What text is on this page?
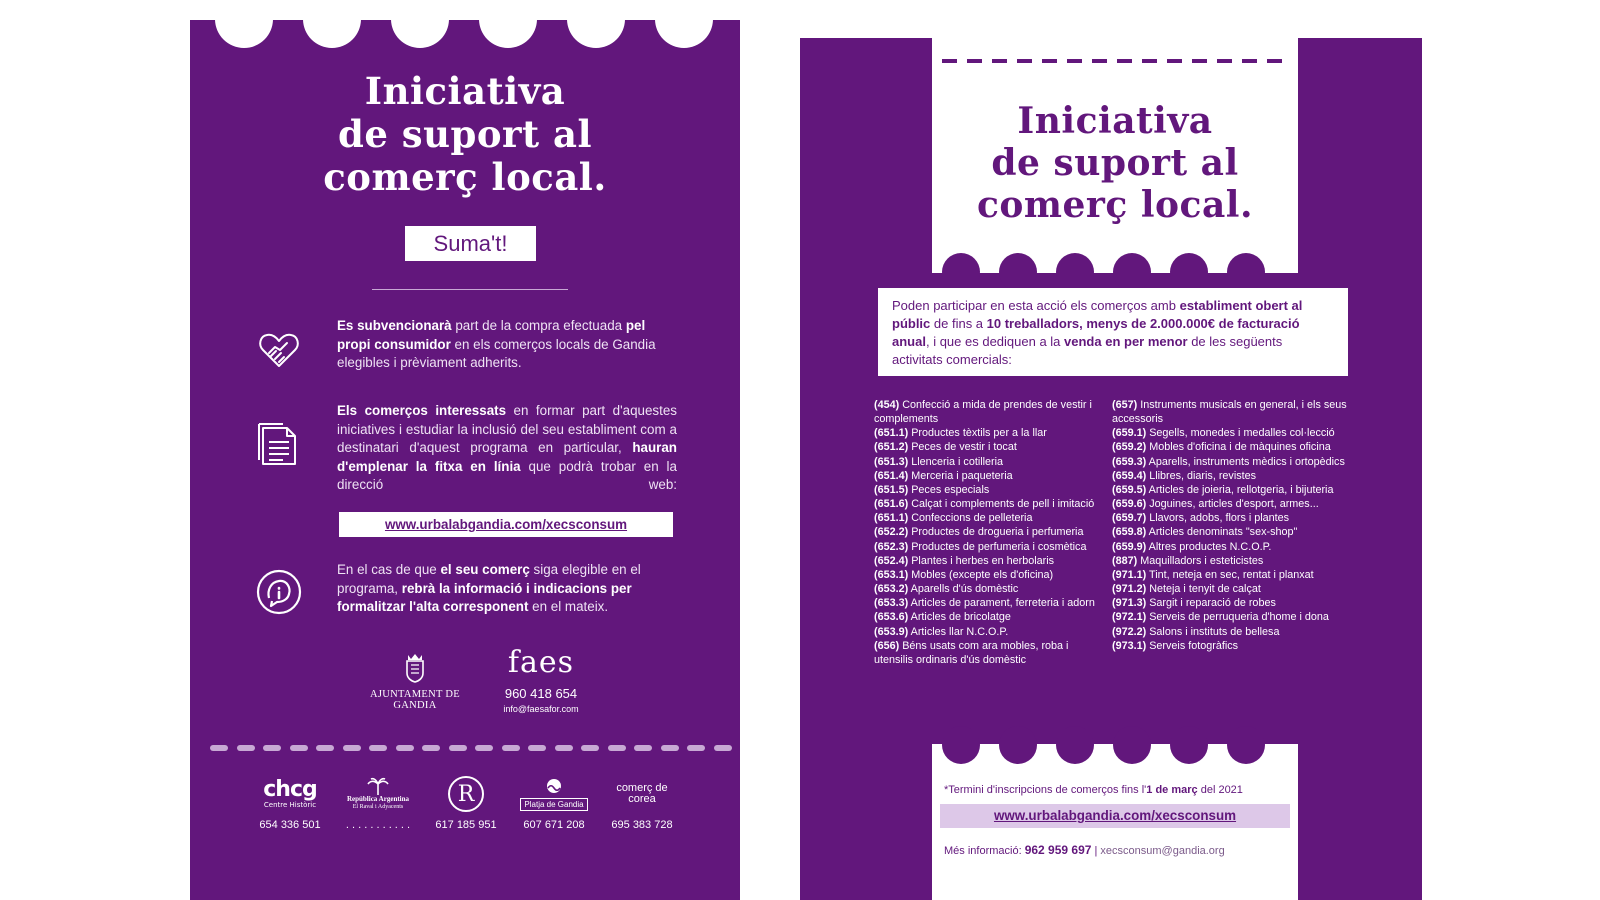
Iniciativa
de suport al
comerç local.
Suma't!

Es subvencionarà part de la compra efectuada pel propi consumidor en els comerços locals de Gandia elegibles i prèviament adherits.

Els comerços interessats en formar part d'aquestes iniciatives i estudiar la inclusió del seu establiment com a destinatari d'aquest programa en particular, hauran d'emplenar la fitxa en línia que podrà trobar en la direcció web:

www.urbalabgandia.com/xecsconsum

En el cas de que el seu comerç siga elegible en el programa, rebrà la informació i indicacions per formalitzar l'alta corresponent en el mateix.

AJUNTAMENT DE GANDIA
faes
960 418 654
info@faesafor.com
chcg
Centre Històric
654 336 501
República Argentina
El Raval i Adyacents
. . . . . . . . . . .
R
617 185 951
Platja de Gandia
607 671 208
comerç de corea
695 383 728
Iniciativa
de suport al
comerç local.
Poden participar en esta acció els comerços amb establiment obert al públic de fins a 10 treballadors, menys de 2.000.000€ de facturació anual, i que es dediquen a la venda en per menor de les següents activitats comercials:
(454) Confecció a mida de prendes de vestir i complements
(651.1) Productes tèxtils per a la llar
(651.2) Peces de vestir i tocat
(651.3) Llenceria i cotilleria
(651.4) Merceria i paqueteria
(651.5) Peces especials
(651.6) Calçat i complements de pell i imitació
(651.1) Confeccions de pelleteria
(652.2) Productes de drogueria i perfumeria
(652.3) Productes de perfumeria i cosmètica
(652.4) Plantes i herbes en herbolaris
(653.1) Mobles (excepte els d'oficina)
(653.2) Aparells d'ús domèstic
(653.3) Articles de parament, ferreteria i adorn
(653.6) Articles de bricolatge
(653.9) Articles llar N.C.O.P.
(656) Béns usats com ara mobles, roba i utensilis ordinaris d'ús domèstic
(657) Instruments musicals en general, i els seus accessoris
(659.1) Segells, monedes i medalles col·lecció
(659.2) Mobles d'oficina i de màquines oficina
(659.3) Aparells, instruments mèdics i ortopèdics
(659.4) Llibres, diaris, revistes
(659.5) Articles de joieria, rellotgeria, i bijuteria
(659.6) Joguines, articles d'esport, armes...
(659.7) Llavors, adobs, flors i plantes
(659.8) Articles denominats "sex-shop"
(659.9) Altres productes N.C.O.P.
(887) Maquilladors i esteticistes
(971.1) Tint, neteja en sec, rentat i planxat
(971.2) Neteja i tenyit de calçat
(971.3) Sargit i reparació de robes
(972.1) Serveis de perruqueria d'home i dona
(972.2) Salons i instituts de bellesa
(973.1) Serveis fotogràfics
*Termini d'inscripcions de comerços fins l'1 de març del 2021
www.urbalabgandia.com/xecsconsum
Més informació: 962 959 697 | xecsconsum@gandia.org
